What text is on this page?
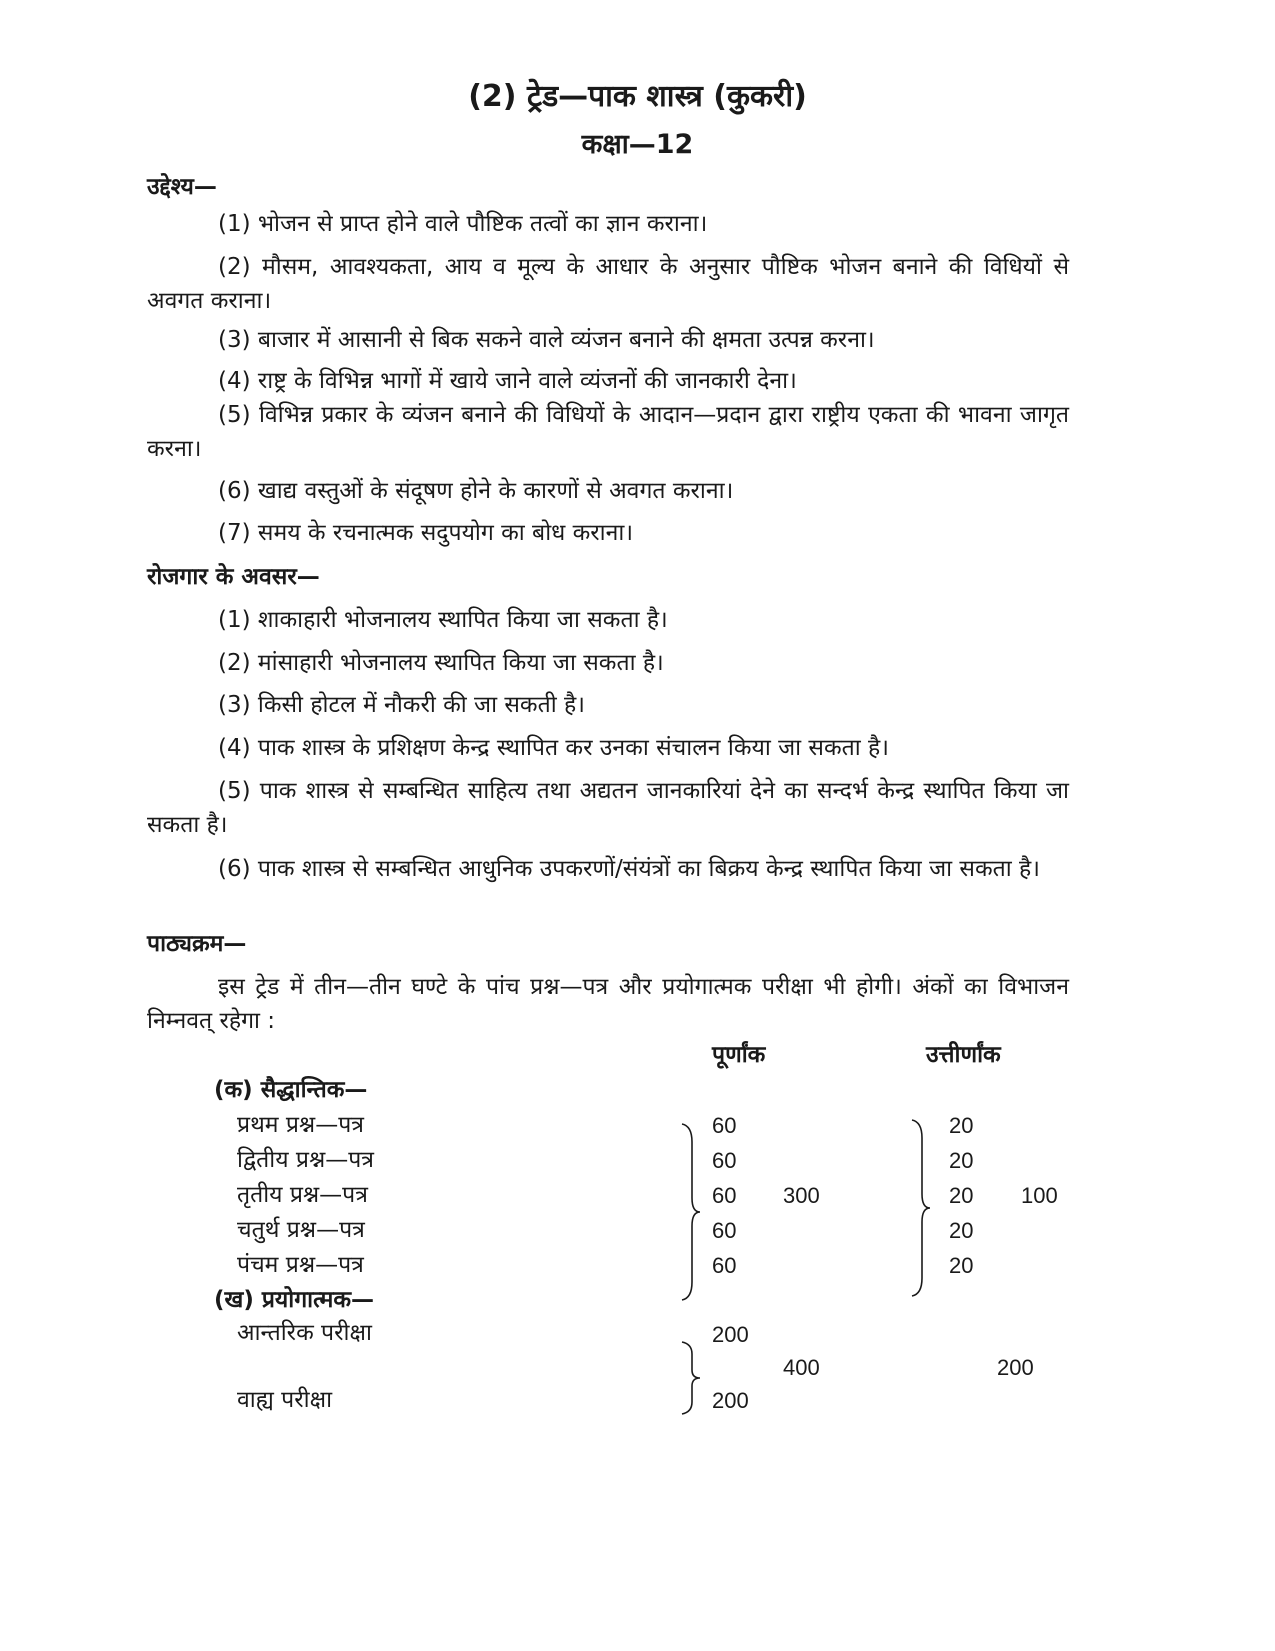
(2) ट्रेड—पाक शास्त्र (कुकरी)
कक्षा—12
उद्देश्य—
(1) भोजन से प्राप्त होने वाले पौष्टिक तत्वों का ज्ञान कराना।
(2) मौसम, आवश्यकता, आय व मूल्य के आधार के अनुसार पौष्टिक भोजन बनाने की विधियों से अवगत कराना।
(3) बाजार में आसानी से बिक सकने वाले व्यंजन बनाने की क्षमता उत्पन्न करना।
(4) राष्ट्र के विभिन्न भागों में खाये जाने वाले व्यंजनों की जानकारी देना।
(5) विभिन्न प्रकार के व्यंजन बनाने की विधियों के आदान—प्रदान द्वारा राष्ट्रीय एकता की भावना जागृत करना।
(6) खाद्य वस्तुओं के संदूषण होने के कारणों से अवगत कराना।
(7) समय के रचनात्मक सदुपयोग का बोध कराना।
रोजगार के अवसर—
(1) शाकाहारी भोजनालय स्थापित किया जा सकता है।
(2) मांसाहारी भोजनालय स्थापित किया जा सकता है।
(3) किसी होटल में नौकरी की जा सकती है।
(4) पाक शास्त्र के प्रशिक्षण केन्द्र स्थापित कर उनका संचालन किया जा सकता है।
(5) पाक शास्त्र से सम्बन्धित साहित्य तथा अद्यतन जानकारियां देने का सन्दर्भ केन्द्र स्थापित किया जा सकता है।
(6) पाक शास्त्र से सम्बन्धित आधुनिक उपकरणों/संयंत्रों का बिक्रय केन्द्र स्थापित किया जा सकता है।
पाठ्यक्रम—
इस ट्रेड में तीन—तीन घण्टे के पांच प्रश्न—पत्र और प्रयोगात्मक परीक्षा भी होगी। अंकों का विभाजन निम्नवत् रहेगा :
पूर्णांक	उत्तीर्णांक
(क) सैद्धान्तिक—
प्रथम प्रश्न—पत्र
द्वितीय प्रश्न—पत्र
तृतीय प्रश्न—पत्र
चतुर्थ प्रश्न—पत्र
पंचम प्रश्न—पत्र
60
60
60
60
60
300
20
20
20
20
20
100
(ख) प्रयोगात्मक—
आन्तरिक परीक्षा
वाह्य परीक्षा
200
200
400	200
